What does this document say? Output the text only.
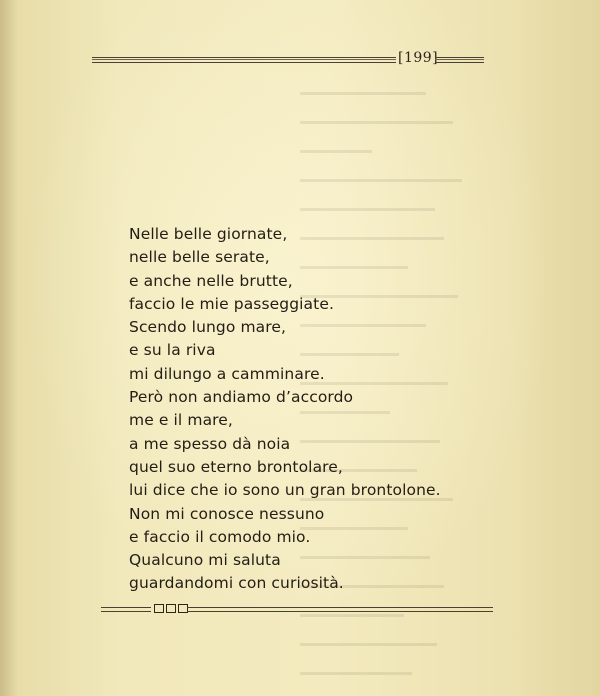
[199]
Nelle belle giornate,
nelle belle serate,
e anche nelle brutte,
faccio le mie passeggiate.
Scendo lungo mare,
e su la riva
mi dilungo a camminare.
Però non andiamo d’accordo
me e il mare,
a me spesso dà noia
quel suo eterno brontolare,
lui dice che io sono un gran brontolone.
Non mi conosce nessuno
e faccio il comodo mio.
Qualcuno mi saluta
guardandomi con curiosità.
